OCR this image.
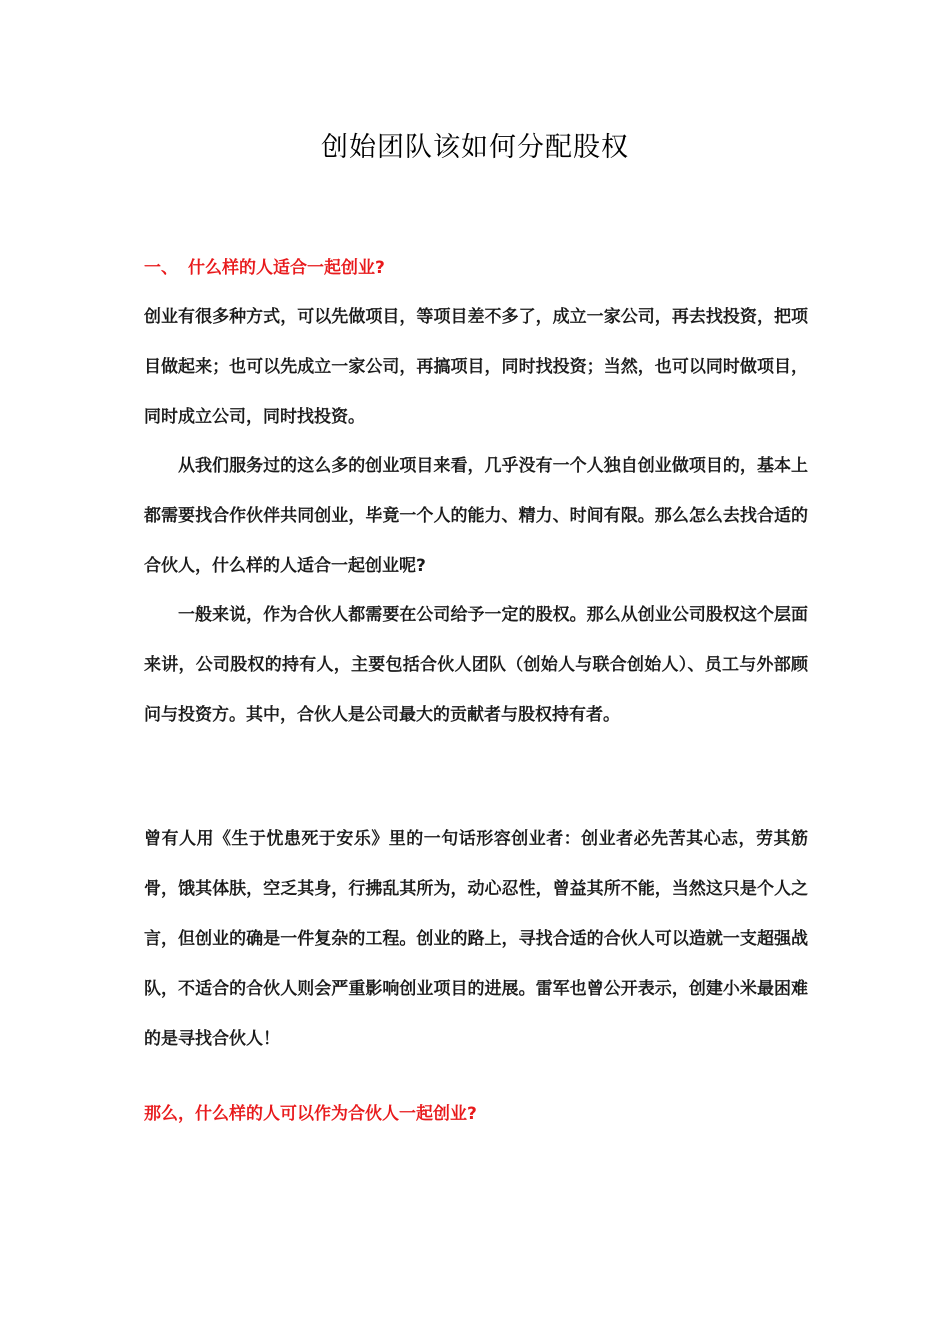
创始团队该如何分配股权
一、 什么样的人适合一起创业?
创业有很多种方式，可以先做项目，等项目差不多了，成立一家公司，再去找投资，把项目做起来；也可以先成立一家公司，再搞项目，同时找投资；当然，也可以同时做项目，同时成立公司，同时找投资。
从我们服务过的这么多的创业项目来看，几乎没有一个人独自创业做项目的，基本上都需要找合作伙伴共同创业，毕竟一个人的能力、精力、时间有限。那么怎么去找合适的合伙人，什么样的人适合一起创业呢?
一般来说，作为合伙人都需要在公司给予一定的股权。那么从创业公司股权这个层面来讲，公司股权的持有人，主要包括合伙人团队（创始人与联合创始人）、员工与外部顾问与投资方。其中，合伙人是公司最大的贡献者与股权持有者。
曾有人用《生于忧患死于安乐》里的一句话形容创业者：创业者必先苦其心志，劳其筋骨，饿其体肤，空乏其身，行拂乱其所为，动心忍性，曾益其所不能，当然这只是个人之言，但创业的确是一件复杂的工程。创业的路上，寻找合适的合伙人可以造就一支超强战队，不适合的合伙人则会严重影响创业项目的进展。雷军也曾公开表示，创建小米最困难的是寻找合伙人！
那么，什么样的人可以作为合伙人一起创业?
